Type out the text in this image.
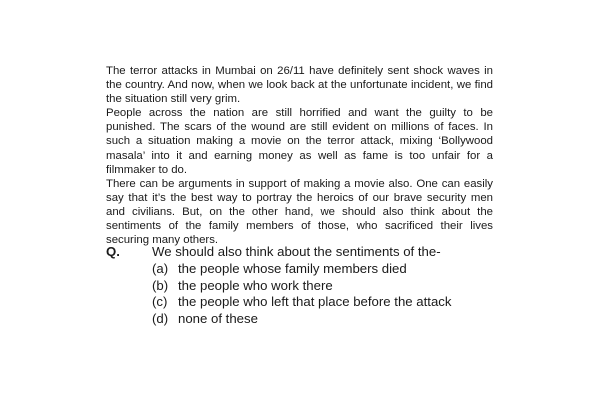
The terror attacks in Mumbai on 26/11 have definitely sent shock waves in the country. And now, when we look back at the unfortunate incident, we find the situation still very grim.

People across the nation are still horrified and want the guilty to be punished. The scars of the wound are still evident on millions of faces. In such a situation making a movie on the terror attack, mixing ‘Bollywood masala’ into it and earning money as well as fame is too unfair for a filmmaker to do.

There can be arguments in support of making a movie also. One can easily say that it’s the best way to portray the heroics of our brave security men and civilians. But, on the other hand, we should also think about the sentiments of the family members of those, who sacrificed their lives securing many others.

Q.	We should also think about the sentiments of the-
(a) the people whose family members died
(b) the people who work there
(c) the people who left that place before the attack
(d) none of these
